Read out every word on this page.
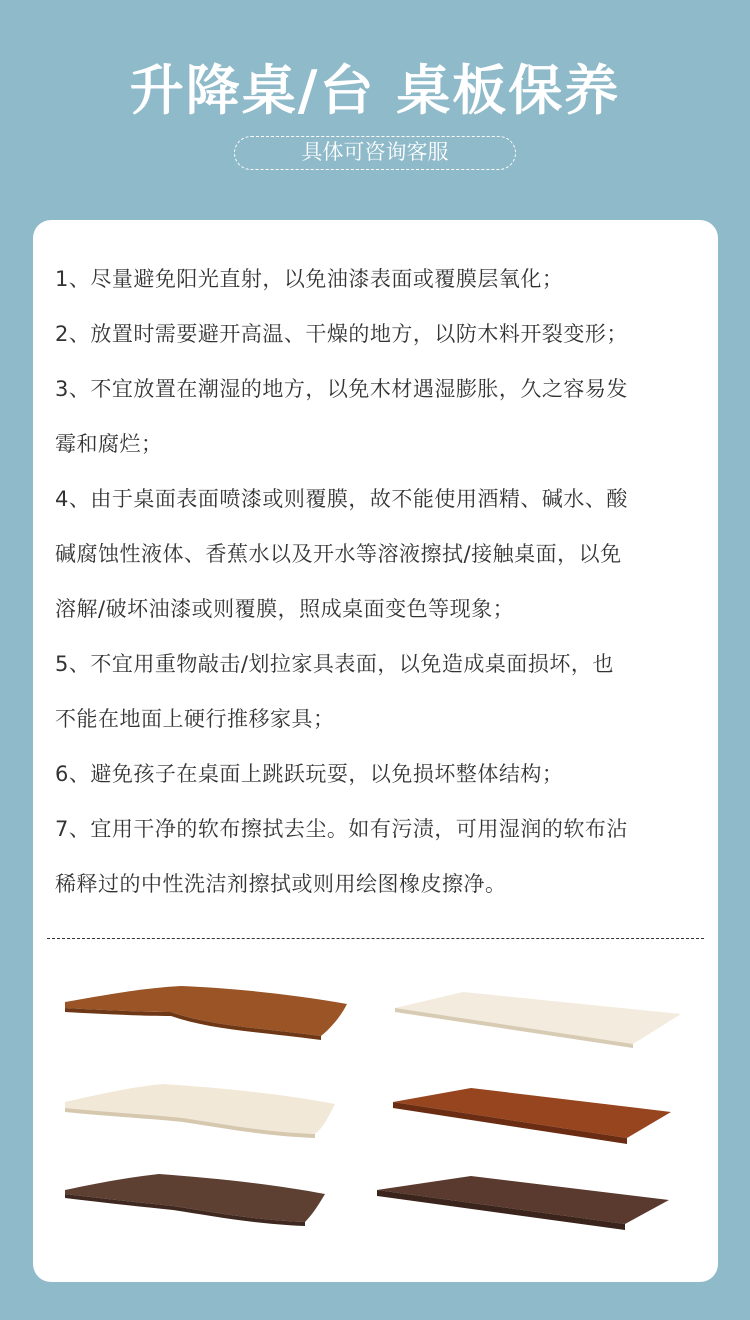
升降桌/台 桌板保养
具体可咨询客服
1、尽量避免阳光直射，以免油漆表面或覆膜层氧化；
2、放置时需要避开高温、干燥的地方，以防木料开裂变形；
3、不宜放置在潮湿的地方，以免木材遇湿膨胀，久之容易发
霉和腐烂；
4、由于桌面表面喷漆或则覆膜，故不能使用酒精、碱水、酸
碱腐蚀性液体、香蕉水以及开水等溶液擦拭/接触桌面，以免
溶解/破坏油漆或则覆膜，照成桌面变色等现象；
5、不宜用重物敲击/划拉家具表面，以免造成桌面损坏，也
不能在地面上硬行推移家具；
6、避免孩子在桌面上跳跃玩耍，以免损坏整体结构；
7、宜用干净的软布擦拭去尘。如有污渍，可用湿润的软布沾
稀释过的中性洗洁剂擦拭或则用绘图橡皮擦净。
